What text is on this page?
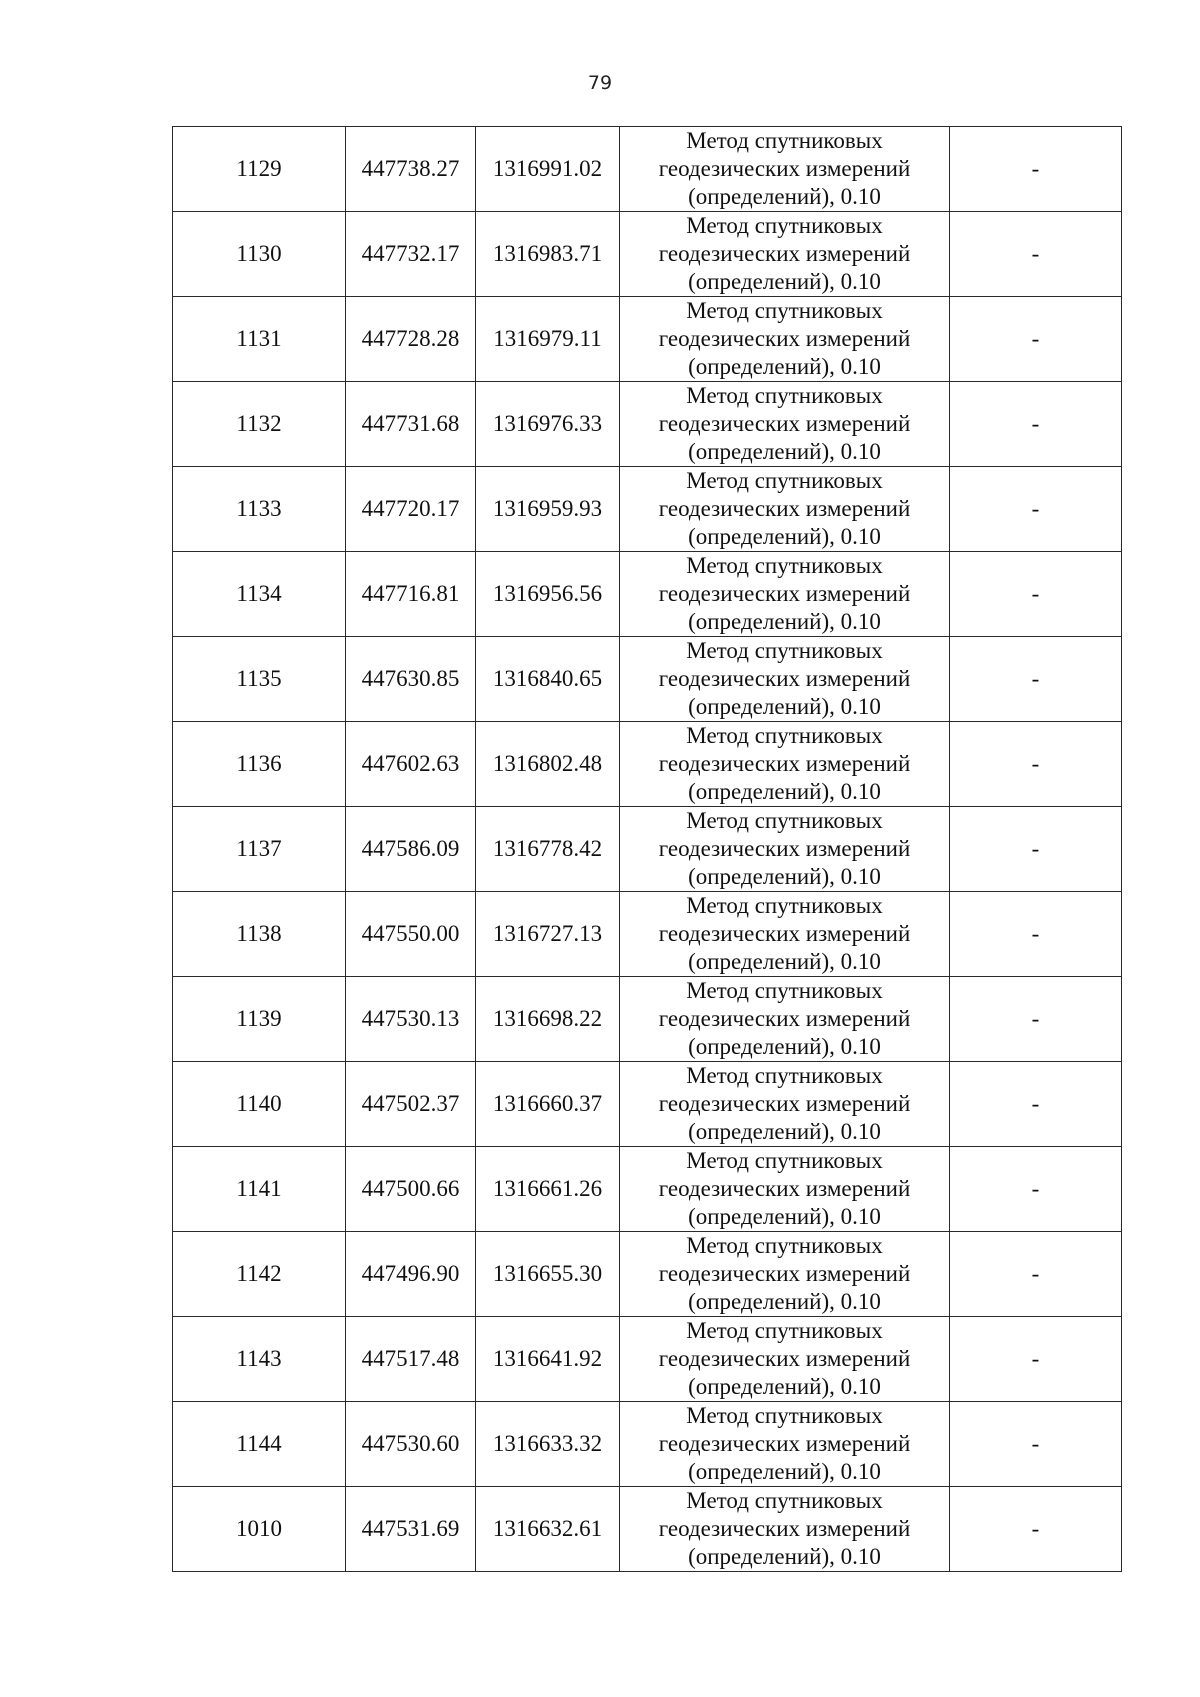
79
1129	447738.27	1316991.02	Метод спутниковых
геодезических измерений
(определений), 0.10	-
1130	447732.17	1316983.71	Метод спутниковых
геодезических измерений
(определений), 0.10	-
1131	447728.28	1316979.11	Метод спутниковых
геодезических измерений
(определений), 0.10	-
1132	447731.68	1316976.33	Метод спутниковых
геодезических измерений
(определений), 0.10	-
1133	447720.17	1316959.93	Метод спутниковых
геодезических измерений
(определений), 0.10	-
1134	447716.81	1316956.56	Метод спутниковых
геодезических измерений
(определений), 0.10	-
1135	447630.85	1316840.65	Метод спутниковых
геодезических измерений
(определений), 0.10	-
1136	447602.63	1316802.48	Метод спутниковых
геодезических измерений
(определений), 0.10	-
1137	447586.09	1316778.42	Метод спутниковых
геодезических измерений
(определений), 0.10	-
1138	447550.00	1316727.13	Метод спутниковых
геодезических измерений
(определений), 0.10	-
1139	447530.13	1316698.22	Метод спутниковых
геодезических измерений
(определений), 0.10	-
1140	447502.37	1316660.37	Метод спутниковых
геодезических измерений
(определений), 0.10	-
1141	447500.66	1316661.26	Метод спутниковых
геодезических измерений
(определений), 0.10	-
1142	447496.90	1316655.30	Метод спутниковых
геодезических измерений
(определений), 0.10	-
1143	447517.48	1316641.92	Метод спутниковых
геодезических измерений
(определений), 0.10	-
1144	447530.60	1316633.32	Метод спутниковых
геодезических измерений
(определений), 0.10	-
1010	447531.69	1316632.61	Метод спутниковых
геодезических измерений
(определений), 0.10	-
